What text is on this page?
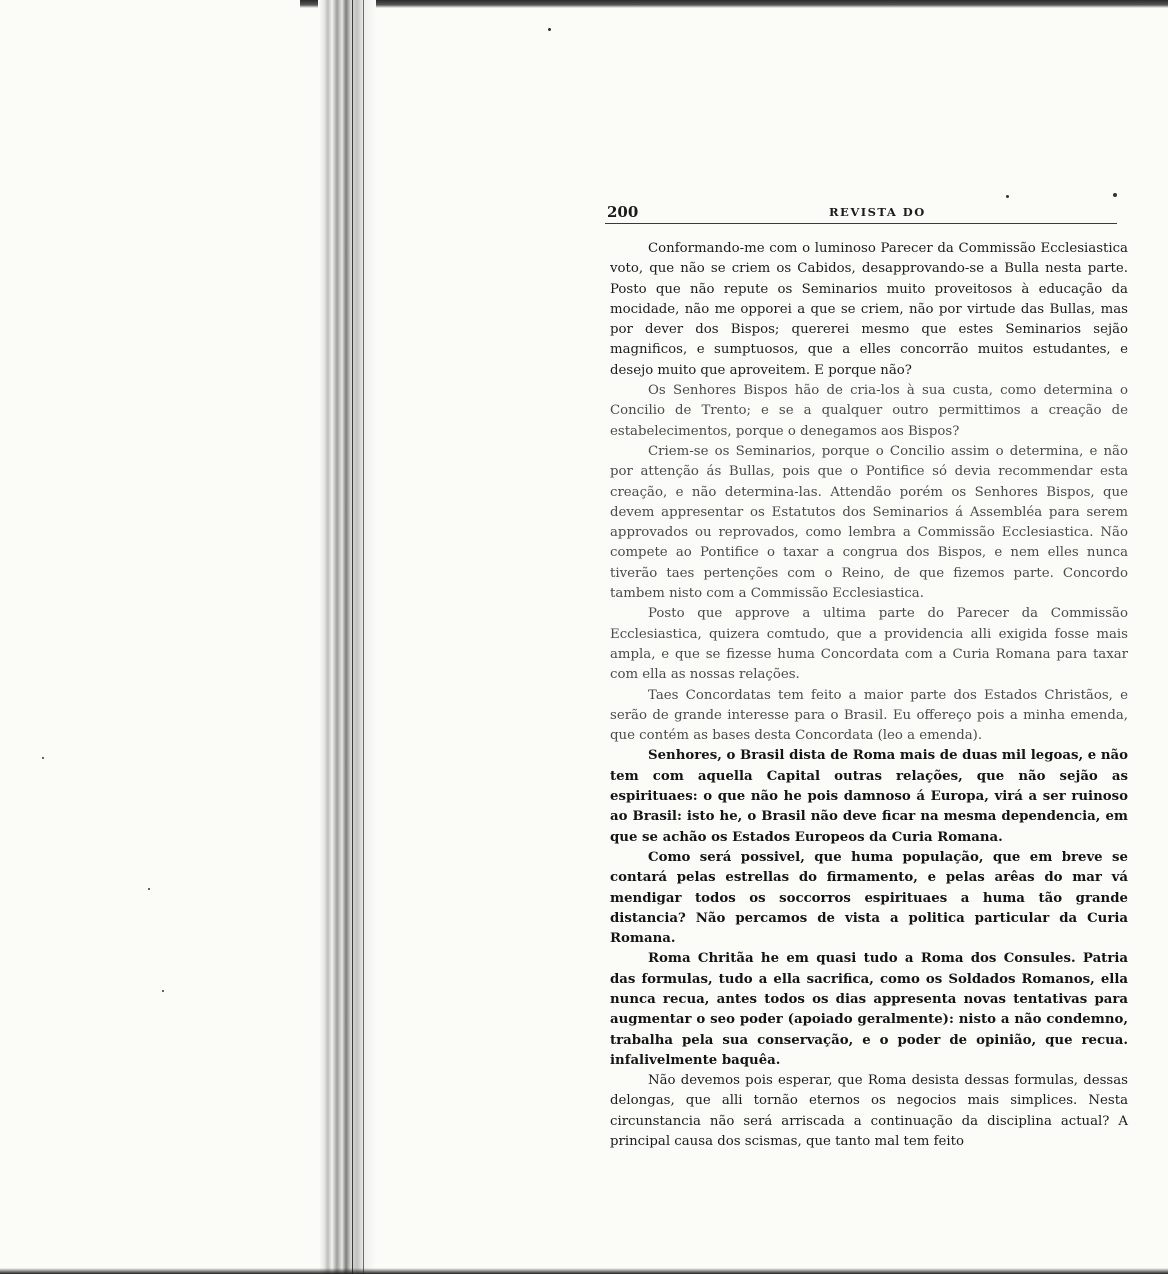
200	REVISTA DO

Conformando-me com o luminoso Parecer da Commissão Ecclesiastica voto, que não se criem os Cabidos, desapprovando-se a Bulla nesta parte. Posto que não repute os Seminarios muito proveitosos à educação da mocidade, não me opporei a que se criem, não por virtude das Bullas, mas por dever dos Bispos; quererei mesmo que estes Seminarios sejão magnificos, e sumptuosos, que a elles concorrão muitos estudantes, e desejo muito que aproveitem. E porque não?

Os Senhores Bispos hão de cria-los à sua custa, como determina o Concilio de Trento; e se a qualquer outro permittimos a creação de estabelecimentos, porque o denegamos aos Bispos?

Criem-se os Seminarios, porque o Concilio assim o determina, e não por attenção ás Bullas, pois que o Pontifice só devia recommendar esta creação, e não determina-las. Attendão porém os Senhores Bispos, que devem appresentar os Estatutos dos Seminarios á Assembléa para serem approvados ou reprovados, como lembra a Commissão Ecclesiastica. Não compete ao Pontifice o taxar a congrua dos Bispos, e nem elles nunca tiverão taes pertenções com o Reino, de que fizemos parte. Concordo tambem nisto com a Commissão Ecclesiastica.

Posto que approve a ultima parte do Parecer da Commissão Ecclesiastica, quizera comtudo, que a providencia alli exigida fosse mais ampla, e que se fizesse huma Concordata com a Curia Romana para taxar com ella as nossas relações.

Taes Concordatas tem feito a maior parte dos Estados Christãos, e serão de grande interesse para o Brasil. Eu offereço pois a minha emenda, que contém as bases desta Concordata (leo a emenda).

Senhores, o Brasil dista de Roma mais de duas mil legoas, e não tem com aquella Capital outras relações, que não sejão as espirituaes: o que não he pois damnoso á Europa, virá a ser ruinoso ao Brasil: isto he, o Brasil não deve ficar na mesma dependencia, em que se achão os Estados Europeos da Curia Romana.

Como será possivel, que huma população, que em breve se contará pelas estrellas do firmamento, e pelas arêas do mar vá mendigar todos os soccorros espirituaes a huma tão grande distancia? Não percamos de vista a politica particular da Curia Romana.

Roma Chritãa he em quasi tudo a Roma dos Consules. Patria das formulas, tudo a ella sacrifica, como os Soldados Romanos, ella nunca recua, antes todos os dias appresenta novas tentativas para augmentar o seo poder (apoiado geralmente): nisto a não condemno, trabalha pela sua conservação, e o poder de opinião, que recua. infalivelmente baquêa.

Não devemos pois esperar, que Roma desista dessas formulas, dessas delongas, que alli tornão eternos os negocios mais simplices. Nesta circunstancia não será arriscada a continuação da disciplina actual? A principal causa dos scismas, que tanto mal tem feito
